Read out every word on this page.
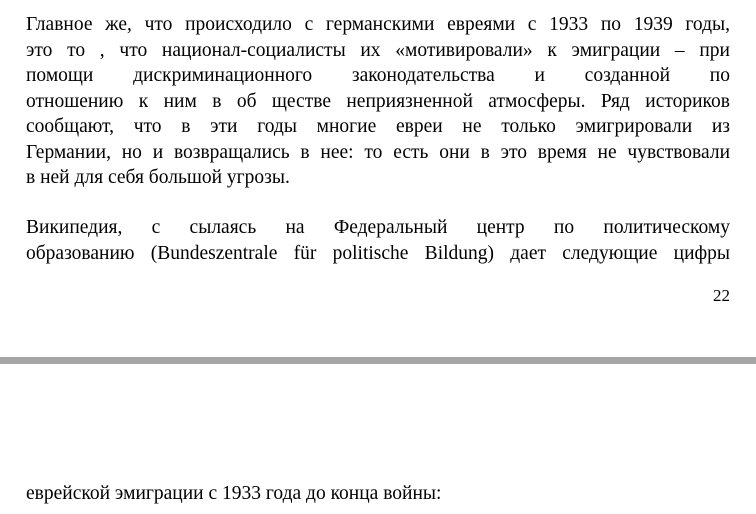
Главное же, что происходило с германскими евреями с 1933 по 1939 годы,
это то , что национал-социалисты их «мотивировали» к эмиграции – при
помощи дискриминационного законодательства и созданной по
отношению к ним в об ществе неприязненной атмосферы. Ряд историков
сообщают, что в эти годы многие евреи не только эмигрировали из
Германии, но и возвращались в нее: то есть они в это время не чувствовали
в ней для себя большой угрозы.

Википедия, с сылаясь на Федеральный центр по политическому
образованию (Bundeszentrale für politische Bildung) дает следующие цифры

22

еврейской эмиграции с 1933 года до конца войны:
